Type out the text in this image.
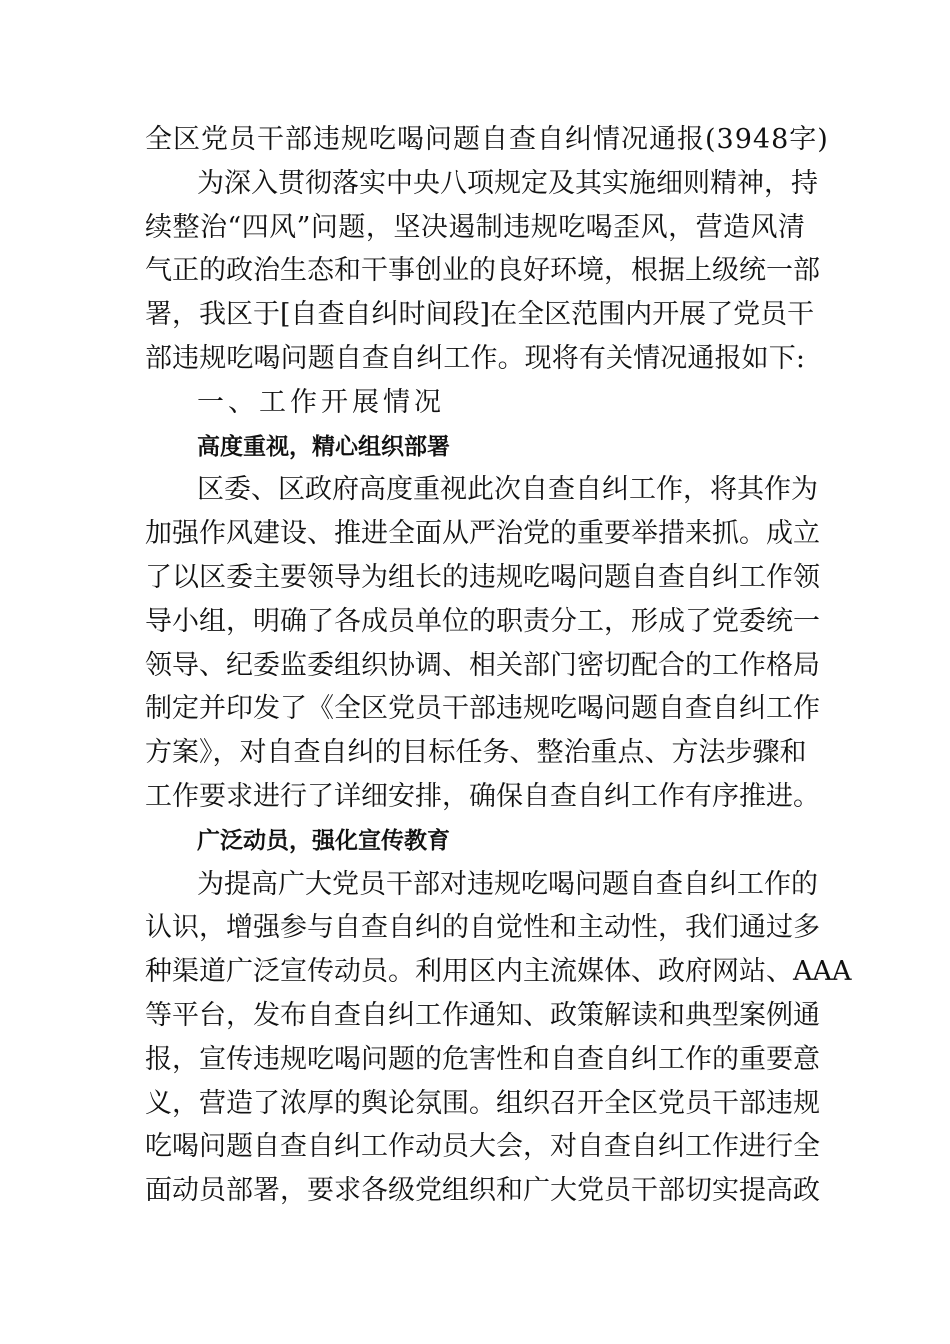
全区党员干部违规吃喝问题自查自纠情况通报(3948字)
为深入贯彻落实中央八项规定及其实施细则精神，持
续整治“四风”问题，坚决遏制违规吃喝歪风，营造风清
气正的政治生态和干事创业的良好环境，根据上级统一部
署，我区于[自查自纠时间段]在全区范围内开展了党员干
部违规吃喝问题自查自纠工作。现将有关情况通报如下:
一、工作开展情况
高度重视，精心组织部署
区委、区政府高度重视此次自查自纠工作，将其作为
加强作风建设、推进全面从严治党的重要举措来抓。成立
了以区委主要领导为组长的违规吃喝问题自查自纠工作领
导小组，明确了各成员单位的职责分工，形成了党委统一
领导、纪委监委组织协调、相关部门密切配合的工作格局
制定并印发了《全区党员干部违规吃喝问题自查自纠工作
方案》，对自查自纠的目标任务、整治重点、方法步骤和
工作要求进行了详细安排，确保自查自纠工作有序推进。
广泛动员，强化宣传教育
为提高广大党员干部对违规吃喝问题自查自纠工作的
认识，增强参与自查自纠的自觉性和主动性，我们通过多
种渠道广泛宣传动员。利用区内主流媒体、政府网站、AAA
等平台，发布自查自纠工作通知、政策解读和典型案例通
报，宣传违规吃喝问题的危害性和自查自纠工作的重要意
义，营造了浓厚的舆论氛围。组织召开全区党员干部违规
吃喝问题自查自纠工作动员大会，对自查自纠工作进行全
面动员部署，要求各级党组织和广大党员干部切实提高政
